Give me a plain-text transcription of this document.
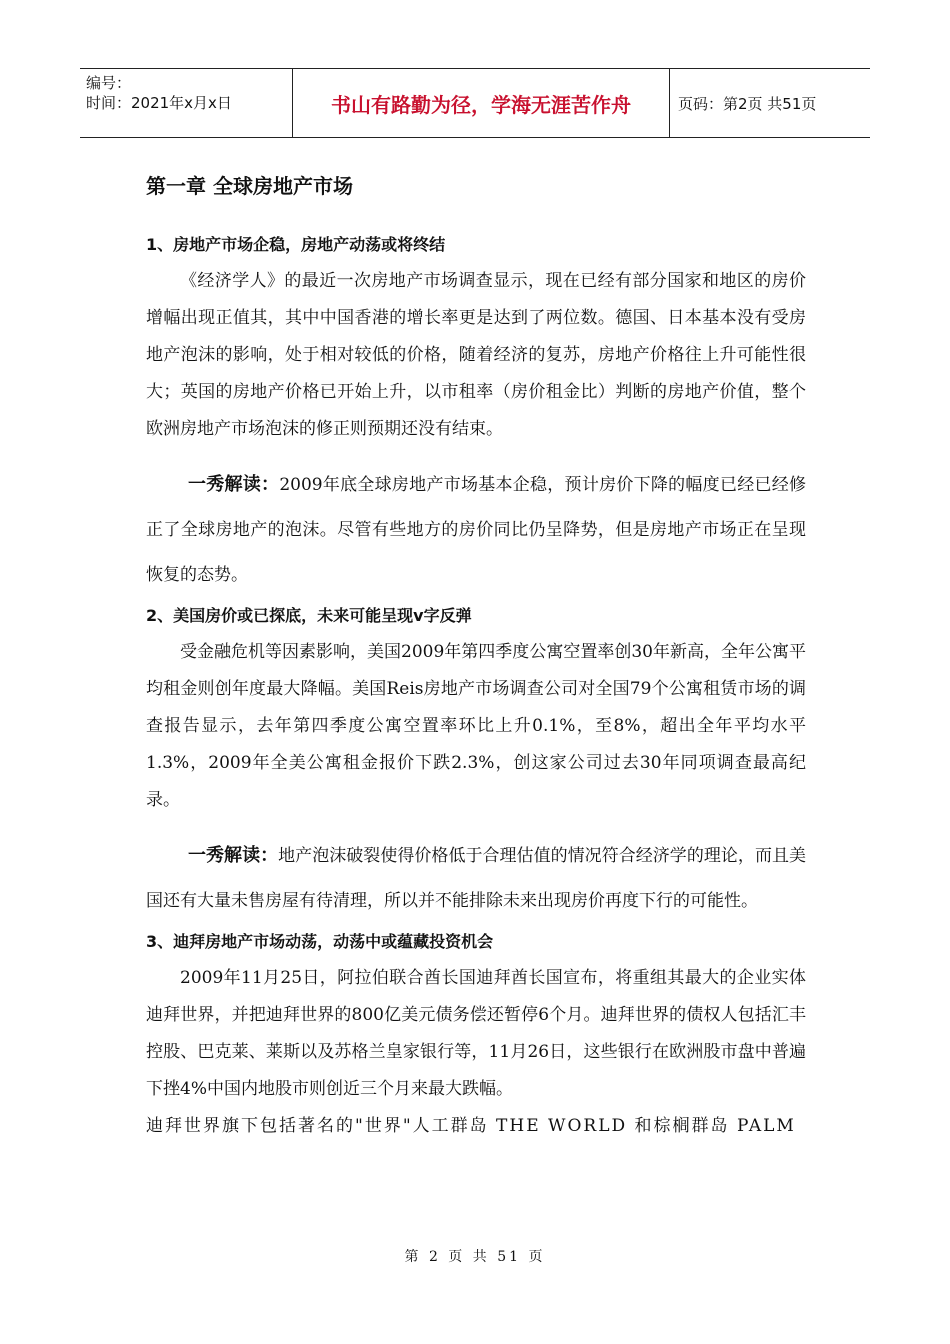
编号：
时间：2021年x月x日	书山有路勤为径，学海无涯苦作舟	页码：第2页 共51页
第一章 全球房地产市场
1、房地产市场企稳，房地产动荡或将终结

《经济学人》的最近一次房地产市场调查显示，现在已经有部分国家和地区的房价增幅出现正值其，其中中国香港的增长率更是达到了两位数。德国、日本基本没有受房地产泡沫的影响，处于相对较低的价格，随着经济的复苏，房地产价格往上升可能性很大；英国的房地产价格已开始上升，以市租率（房价租金比）判断的房地产价值，整个欧洲房地产市场泡沫的修正则预期还没有结束。

一秀解读：2009年底全球房地产市场基本企稳，预计房价下降的幅度已经已经修正了全球房地产的泡沫。尽管有些地方的房价同比仍呈降势，但是房地产市场正在呈现恢复的态势。
2、美国房价或已探底，未来可能呈现v字反弹

受金融危机等因素影响，美国2009年第四季度公寓空置率创30年新高，全年公寓平均租金则创年度最大降幅。美国Reis房地产市场调查公司对全国79个公寓租赁市场的调查报告显示，去年第四季度公寓空置率环比上升0.1%，至8%，超出全年平均水平1.3%，2009年全美公寓租金报价下跌2.3%，创这家公司过去30年同项调查最高纪录。

一秀解读：地产泡沫破裂使得价格低于合理估值的情况符合经济学的理论，而且美国还有大量未售房屋有待清理，所以并不能排除未来出现房价再度下行的可能性。
3、迪拜房地产市场动荡，动荡中或蕴藏投资机会

2009年11月25日，阿拉伯联合酋长国迪拜酋长国宣布，将重组其最大的企业实体迪拜世界，并把迪拜世界的800亿美元债务偿还暂停6个月。迪拜世界的债权人包括汇丰控股、巴克莱、莱斯以及苏格兰皇家银行等，11月26日，这些银行在欧洲股市盘中普遍下挫4%中国内地股市则创近三个月来最大跌幅。

迪拜世界旗下包括著名的"世界"人工群岛 THE WORLD 和棕榈群岛 PALM

第 2 页 共 51 页
